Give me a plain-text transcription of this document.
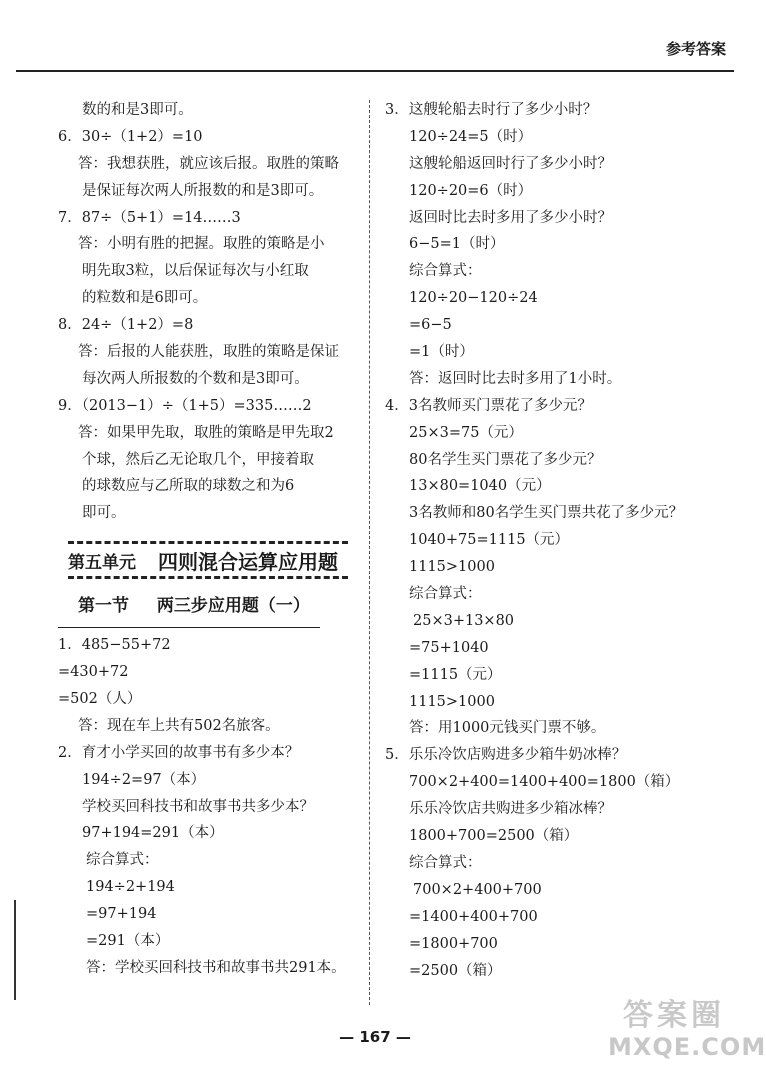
参考答案
数的和是3即可。
6．30÷（1+2）=10
答：我想获胜，就应该后报。取胜的策略
是保证每次两人所报数的和是3即可。
7．87÷（5+1）=14……3
答：小明有胜的把握。取胜的策略是小
明先取3粒，以后保证每次与小红取
的粒数和是6即可。
8．24÷（1+2）=8
答：后报的人能获胜，取胜的策略是保证
每次两人所报数的个数和是3即可。
9．（2013−1）÷（1+5）=335……2
答：如果甲先取，取胜的策略是甲先取2
个球，然后乙无论取几个，甲接着取
的球数应与乙所取的球数之和为6
即可。
第五单元 四则混合运算应用题
第一节 两三步应用题（一）
1．485−55+72
=430+72
=502（人）
答：现在车上共有502名旅客。
2．育才小学买回的故事书有多少本？
194÷2=97（本）
学校买回科技书和故事书共多少本？
97+194=291（本）
综合算式：
194÷2+194
=97+194
=291（本）
答：学校买回科技书和故事书共291本。
3．这艘轮船去时行了多少小时？
120÷24=5（时）
这艘轮船返回时行了多少小时？
120÷20=6（时）
返回时比去时多用了多少小时？
6−5=1（时）
综合算式：
120÷20−120÷24
=6−5
=1（时）
答：返回时比去时多用了1小时。
4．3名教师买门票花了多少元？
25×3=75（元）
80名学生买门票花了多少元？
13×80=1040（元）
3名教师和80名学生买门票共花了多少元？
1040+75=1115（元）
1115>1000
综合算式：
25×3+13×80
=75+1040
=1115（元）
1115>1000
答：用1000元钱买门票不够。
5．乐乐冷饮店购进多少箱牛奶冰棒？
700×2+400=1400+400=1800（箱）
乐乐冷饮店共购进多少箱冰棒？
1800+700=2500（箱）
综合算式：
700×2+400+700
=1400+400+700
=1800+700
=2500（箱）
— 167 —
答案圈
MXQE.COM
